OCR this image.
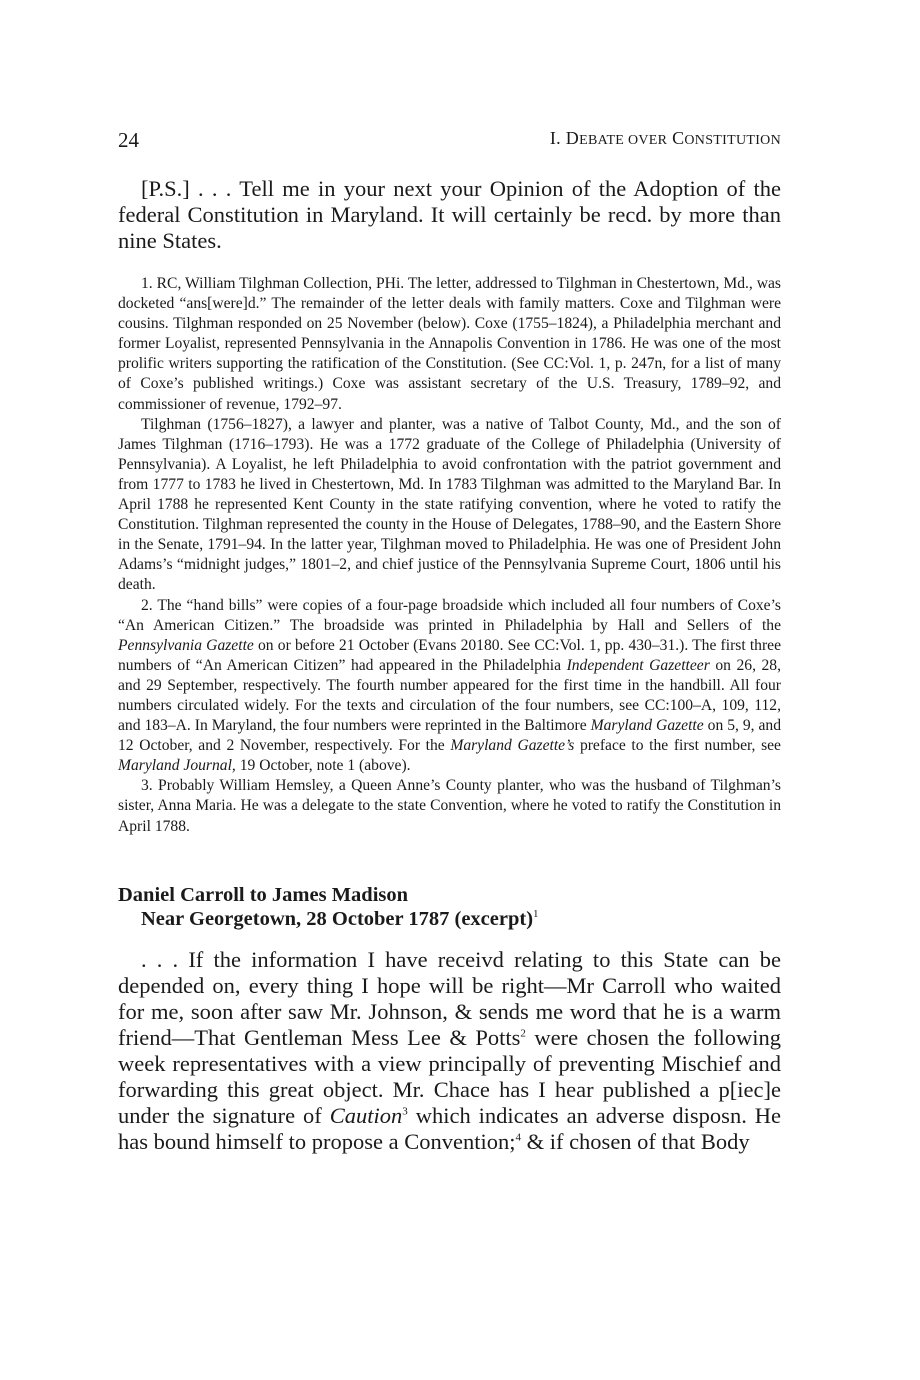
24	I. DEBATE OVER CONSTITUTION

[P.S.] . . . Tell me in your next your Opinion of the Adoption of the federal Constitution in Maryland. It will certainly be recd. by more than nine States.

1. RC, William Tilghman Collection, PHi. The letter, addressed to Tilghman in Chestertown, Md., was docketed “ans[were]d.” The remainder of the letter deals with family matters. Coxe and Tilghman were cousins. Tilghman responded on 25 November (below). Coxe (1755–1824), a Philadelphia merchant and former Loyalist, represented Pennsylvania in the Annapolis Convention in 1786. He was one of the most prolific writers supporting the ratification of the Constitution. (See CC:Vol. 1, p. 247n, for a list of many of Coxe’s published writings.) Coxe was assistant secretary of the U.S. Treasury, 1789–92, and commissioner of revenue, 1792–97.

Tilghman (1756–1827), a lawyer and planter, was a native of Talbot County, Md., and the son of James Tilghman (1716–1793). He was a 1772 graduate of the College of Philadelphia (University of Pennsylvania). A Loyalist, he left Philadelphia to avoid confrontation with the patriot government and from 1777 to 1783 he lived in Chestertown, Md. In 1783 Tilghman was admitted to the Maryland Bar. In April 1788 he represented Kent County in the state ratifying convention, where he voted to ratify the Constitution. Tilghman represented the county in the House of Delegates, 1788–90, and the Eastern Shore in the Senate, 1791–94. In the latter year, Tilghman moved to Philadelphia. He was one of President John Adams’s “midnight judges,” 1801–2, and chief justice of the Pennsylvania Supreme Court, 1806 until his death.

2. The “hand bills” were copies of a four-page broadside which included all four numbers of Coxe’s “An American Citizen.” The broadside was printed in Philadelphia by Hall and Sellers of the Pennsylvania Gazette on or before 21 October (Evans 20180. See CC:Vol. 1, pp. 430–31.). The first three numbers of “An American Citizen” had appeared in the Philadelphia Independent Gazetteer on 26, 28, and 29 September, respectively. The fourth number appeared for the first time in the handbill. All four numbers circulated widely. For the texts and circulation of the four numbers, see CC:100–A, 109, 112, and 183–A. In Maryland, the four numbers were reprinted in the Baltimore Maryland Gazette on 5, 9, and 12 October, and 2 November, respectively. For the Maryland Gazette’s preface to the first number, see Maryland Journal, 19 October, note 1 (above).

3. Probably William Hemsley, a Queen Anne’s County planter, who was the husband of Tilghman’s sister, Anna Maria. He was a delegate to the state Convention, where he voted to ratify the Constitution in April 1788.

Daniel Carroll to James Madison
Near Georgetown, 28 October 1787 (excerpt)$^1$

. . . If the information I have receivd relating to this State can be depended on, every thing I hope will be right—Mr Carroll who waited for me, soon after saw Mr. Johnson, & sends me word that he is a warm friend—That Gentleman Mess Lee & Potts$^2$ were chosen the following week representatives with a view principally of preventing Mischief and forwarding this great object. Mr. Chace has I hear published a p[iec]e under the signature of Caution$^3$ which indicates an adverse disposn. He has bound himself to propose a Convention;$^4$ & if chosen of that Body
